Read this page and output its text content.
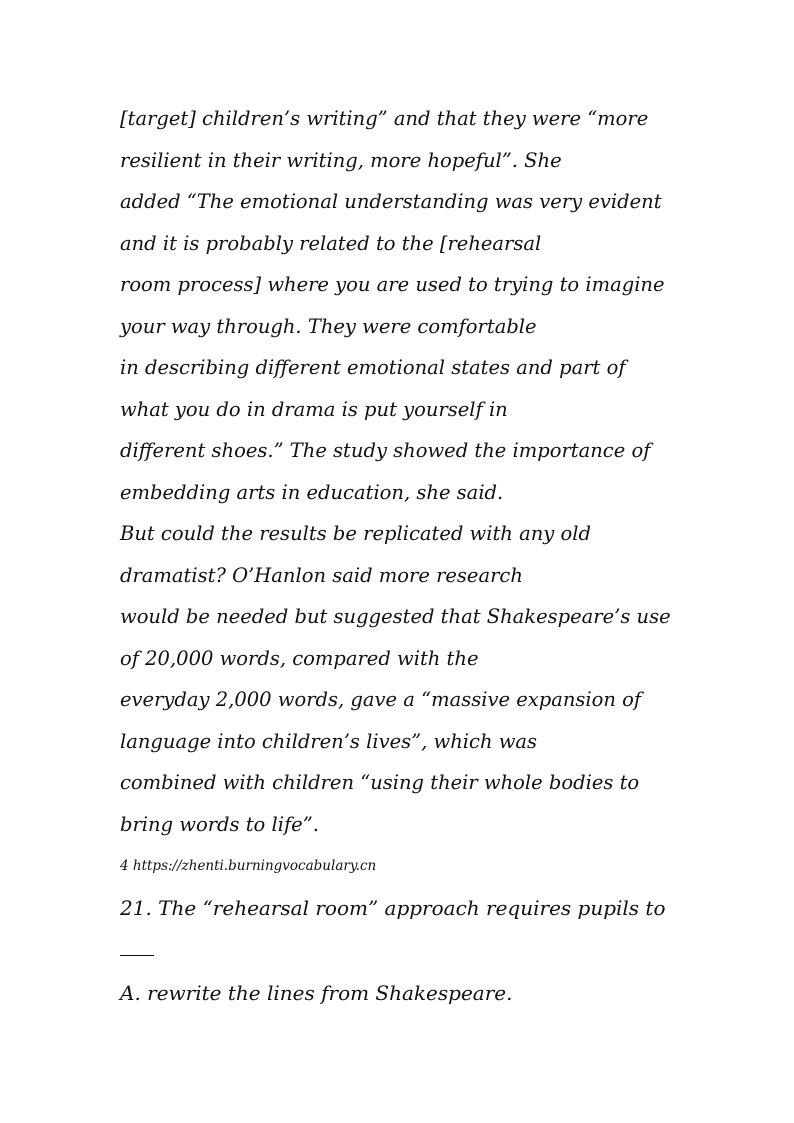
[target] children’s writing” and that they were “more
resilient in their writing, more hopeful”. She
added “The emotional understanding was very evident
and it is probably related to the [rehearsal
room process] where you are used to trying to imagine
your way through. They were comfortable
in describing different emotional states and part of
what you do in drama is put yourself in
different shoes.” The study showed the importance of
embedding arts in education, she said.
But could the results be replicated with any old
dramatist? O’Hanlon said more research
would be needed but suggested that Shakespeare’s use
of 20,000 words, compared with the
everyday 2,000 words, gave a “massive expansion of
language into children’s lives”, which was
combined with children “using their whole bodies to
bring words to life”.
4 https://zhenti.burningvocabulary.cn
21. The “rehearsal room” approach requires pupils to
A. rewrite the lines from Shakespeare.
